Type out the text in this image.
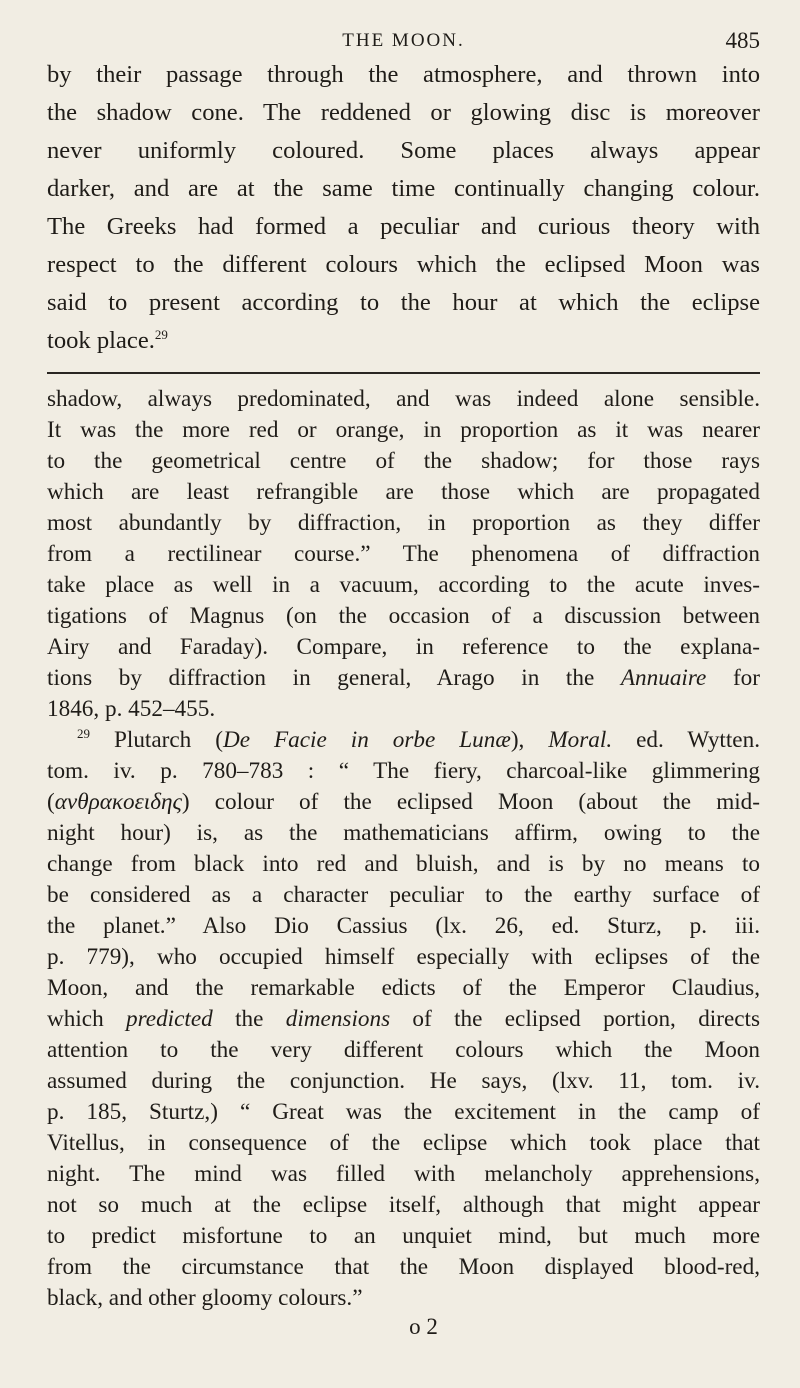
THE MOON.	485

by their passage through the atmosphere, and thrown into
the shadow cone. The reddened or glowing disc is moreover
never uniformly coloured. Some places always appear
darker, and are at the same time continually changing colour.
The Greeks had formed a peculiar and curious theory with
respect to the different colours which the eclipsed Moon was
said to present according to the hour at which the eclipse
took place.$^{29}$

shadow, always predominated, and was indeed alone sensible.
It was the more red or orange, in proportion as it was nearer
to the geometrical centre of the shadow; for those rays
which are least refrangible are those which are propagated
most abundantly by diffraction, in proportion as they differ
from a rectilinear course.” The phenomena of diffraction
take place as well in a vacuum, according to the acute inves-
tigations of Magnus (on the occasion of a discussion between
Airy and Faraday). Compare, in reference to the explana-
tions by diffraction in general, Arago in the Annuaire for
1846, p. 452–455.
$^{29}$ Plutarch (De Facie in orbe Lunæ), Moral. ed. Wytten.
tom. iv. p. 780–783 : “ The fiery, charcoal-like glimmering
(ανθρακοειδης) colour of the eclipsed Moon (about the mid-
night hour) is, as the mathematicians affirm, owing to the
change from black into red and bluish, and is by no means to
be considered as a character peculiar to the earthy surface of
the planet.” Also Dio Cassius (lx. 26, ed. Sturz, p. iii.
p. 779), who occupied himself especially with eclipses of the
Moon, and the remarkable edicts of the Emperor Claudius,
which predicted the dimensions of the eclipsed portion, directs
attention to the very different colours which the Moon
assumed during the conjunction. He says, (lxv. 11, tom. iv.
p. 185, Sturtz,) “ Great was the excitement in the camp of
Vitellus, in consequence of the eclipse which took place that
night. The mind was filled with melancholy apprehensions,
not so much at the eclipse itself, although that might appear
to predict misfortune to an unquiet mind, but much more
from the circumstance that the Moon displayed blood-red,
black, and other gloomy colours.”
o 2
